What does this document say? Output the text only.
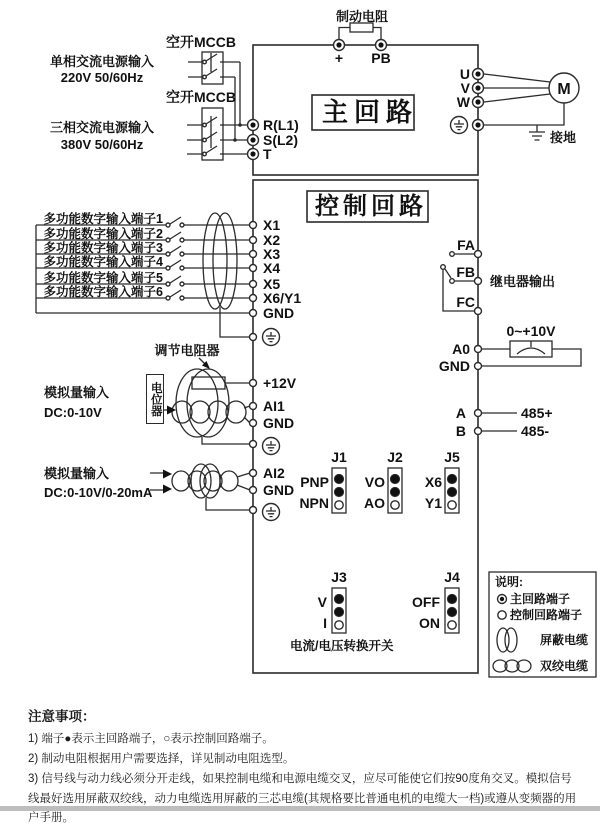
制动电阻
+ PB
主回路
空开MCCB
单相交流电源输入
220V 50/60Hz
空开MCCB
三相交流电源输入
380V 50/60Hz
R(L1)
S(L2)
T
U
V
W
M
接地
控制回路
多功能数字输入端子1
多功能数字输入端子2
多功能数字输入端子3
多功能数字输入端子4
多功能数字输入端子5
多功能数字输入端子6
X1
X2
X3
X4
X5
X6/Y1
GND
调节电阻器
+12V
AI1
GND
模拟量输入
DC:0-10V
模拟量输入
DC:0-10V/0-20mA
AI2
GND
FA
FB
FC
继电器输出
A0
GND
0~+10V
A
B
485+
485-
J1
PNP
NPN
J2
VO
AO
J5
X6
Y1
J3
V
I
J4
OFF
ON
电流/电压转换开关
说明:
主回路端子
控制回路端子
屏蔽电缆
双绞电缆
电位器
注意事项：
1) 端子●表示主回路端子，○表示控制回路端子。
2) 制动电阻根据用户需要选择，详见制动电阻选型。
3) 信号线与动力线必须分开走线，如果控制电缆和电源电缆交叉，应尽可能使它们按90度角交叉。模拟信号线最好选用屏蔽双绞线，动力电缆选用屏蔽的三芯电缆(其规格要比普通电机的电缆大一档)或遵从变频器的用户手册。
